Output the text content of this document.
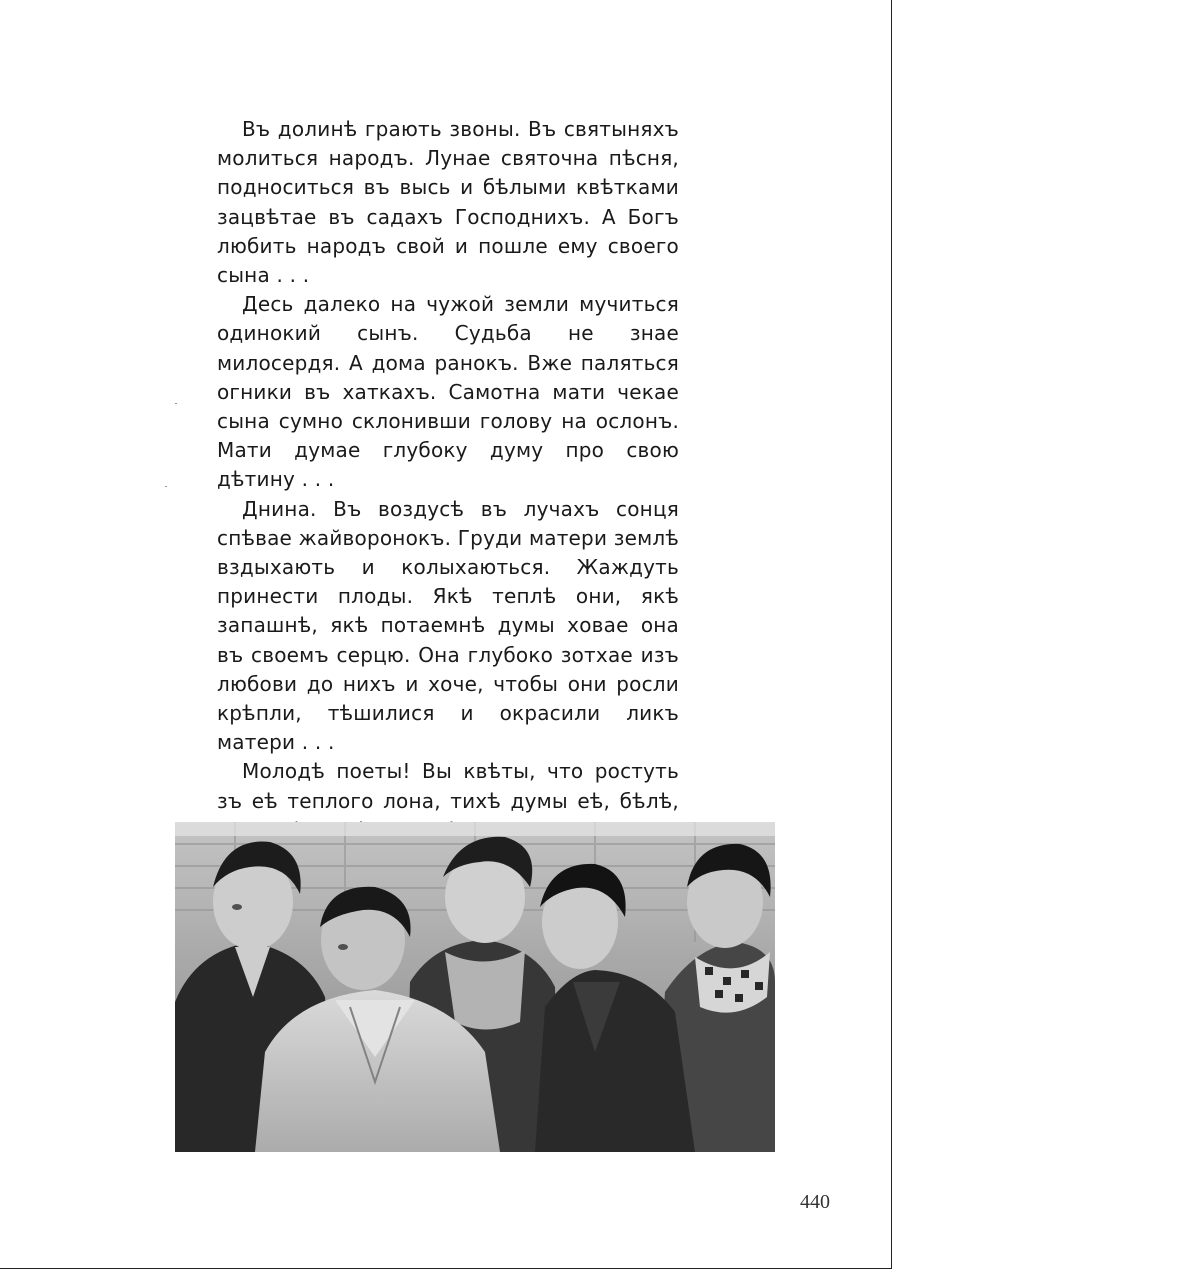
Въ долинѣ грають звоны. Въ святыняхъ молиться народъ. Лунае святочна пѣсня, подноситься въ высь и бѣлыми квѣтками зацвѣтае въ садахъ Господнихъ. А Богъ любить народъ свой и пошле ему своего сына . . .

Десь далеко на чужой земли мучиться одинокий сынъ. Судьба не знае милосердя. А дома ранокъ. Вже паляться огники въ хаткахъ. Самотна мати чекае сына сумно склонивши голову на ослонъ. Мати думае глубоку думу про свою дѣтину . . .

Днина. Въ воздусѣ въ лучахъ сонця спѣвае жайворонокъ. Груди матери землѣ вздыхають и колыхаються. Жаждуть принести плоды. Якѣ теплѣ они, якѣ запашнѣ, якѣ потаемнѣ думы ховае она въ своемъ серцю. Она глубоко зотхае изъ любови до нихъ и хоче, чтобы они росли крѣпли, тѣшилися и окрасили ликъ матери . . .

Молодѣ поеты! Вы квѣты, что ростуть зъ еѣ теплого лона, тихѣ думы еѣ, бѣлѣ,

440
